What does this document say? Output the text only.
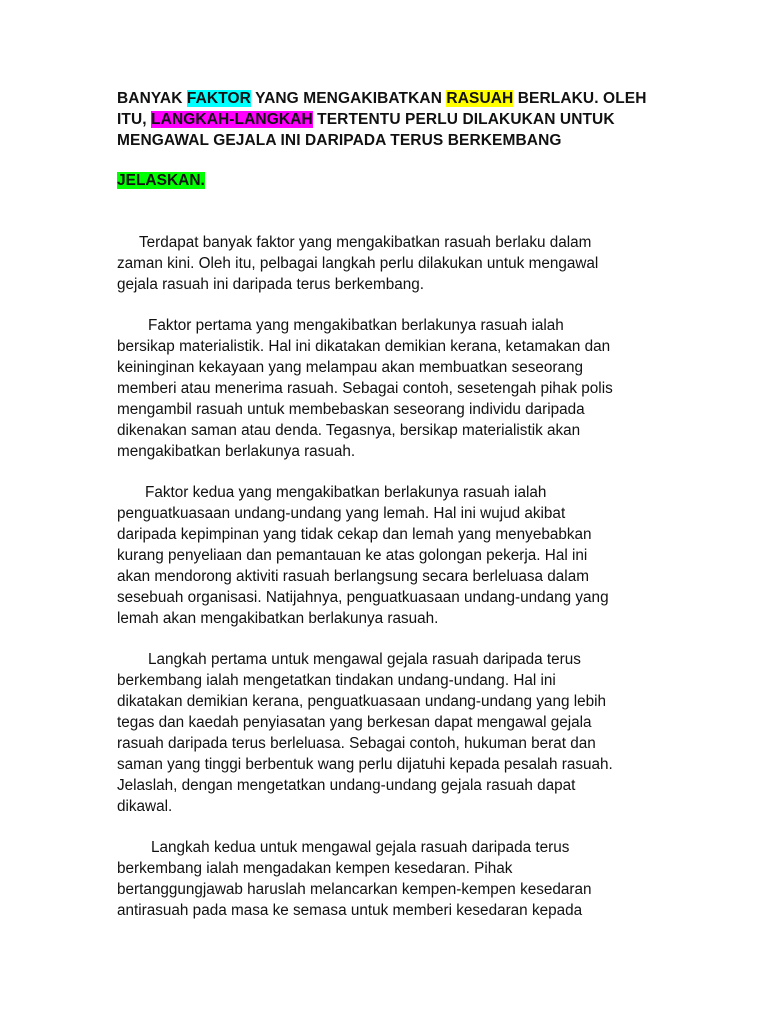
BANYAK FAKTOR YANG MENGAKIBATKAN RASUAH BERLAKU. OLEH
ITU, LANGKAH-LANGKAH TERTENTU PERLU DILAKUKAN UNTUK
MENGAWAL GEJALA INI DARIPADA TERUS BERKEMBANG
JELASKAN.
Terdapat banyak faktor yang mengakibatkan rasuah berlaku dalam
zaman kini. Oleh itu, pelbagai langkah perlu dilakukan untuk mengawal
gejala rasuah ini daripada terus berkembang.
Faktor pertama yang mengakibatkan berlakunya rasuah ialah
bersikap materialistik. Hal ini dikatakan demikian kerana, ketamakan dan
keininginan kekayaan yang melampau akan membuatkan seseorang
memberi atau menerima rasuah. Sebagai contoh, sesetengah pihak polis
mengambil rasuah untuk membebaskan seseorang individu daripada
dikenakan saman atau denda. Tegasnya, bersikap materialistik akan
mengakibatkan berlakunya rasuah.
Faktor kedua yang mengakibatkan berlakunya rasuah ialah
penguatkuasaan undang-undang yang lemah. Hal ini wujud akibat
daripada kepimpinan yang tidak cekap dan lemah yang menyebabkan
kurang penyeliaan dan pemantauan ke atas golongan pekerja. Hal ini
akan mendorong aktiviti rasuah berlangsung secara berleluasa dalam
sesebuah organisasi. Natijahnya, penguatkuasaan undang-undang yang
lemah akan mengakibatkan berlakunya rasuah.
Langkah pertama untuk mengawal gejala rasuah daripada terus
berkembang ialah mengetatkan tindakan undang-undang. Hal ini
dikatakan demikian kerana, penguatkuasaan undang-undang yang lebih
tegas dan kaedah penyiasatan yang berkesan dapat mengawal gejala
rasuah daripada terus berleluasa. Sebagai contoh, hukuman berat dan
saman yang tinggi berbentuk wang perlu dijatuhi kepada pesalah rasuah.
Jelaslah, dengan mengetatkan undang-undang gejala rasuah dapat
dikawal.
Langkah kedua untuk mengawal gejala rasuah daripada terus
berkembang ialah mengadakan kempen kesedaran. Pihak
bertanggungjawab haruslah melancarkan kempen-kempen kesedaran
antirasuah pada masa ke semasa untuk memberi kesedaran kepada
